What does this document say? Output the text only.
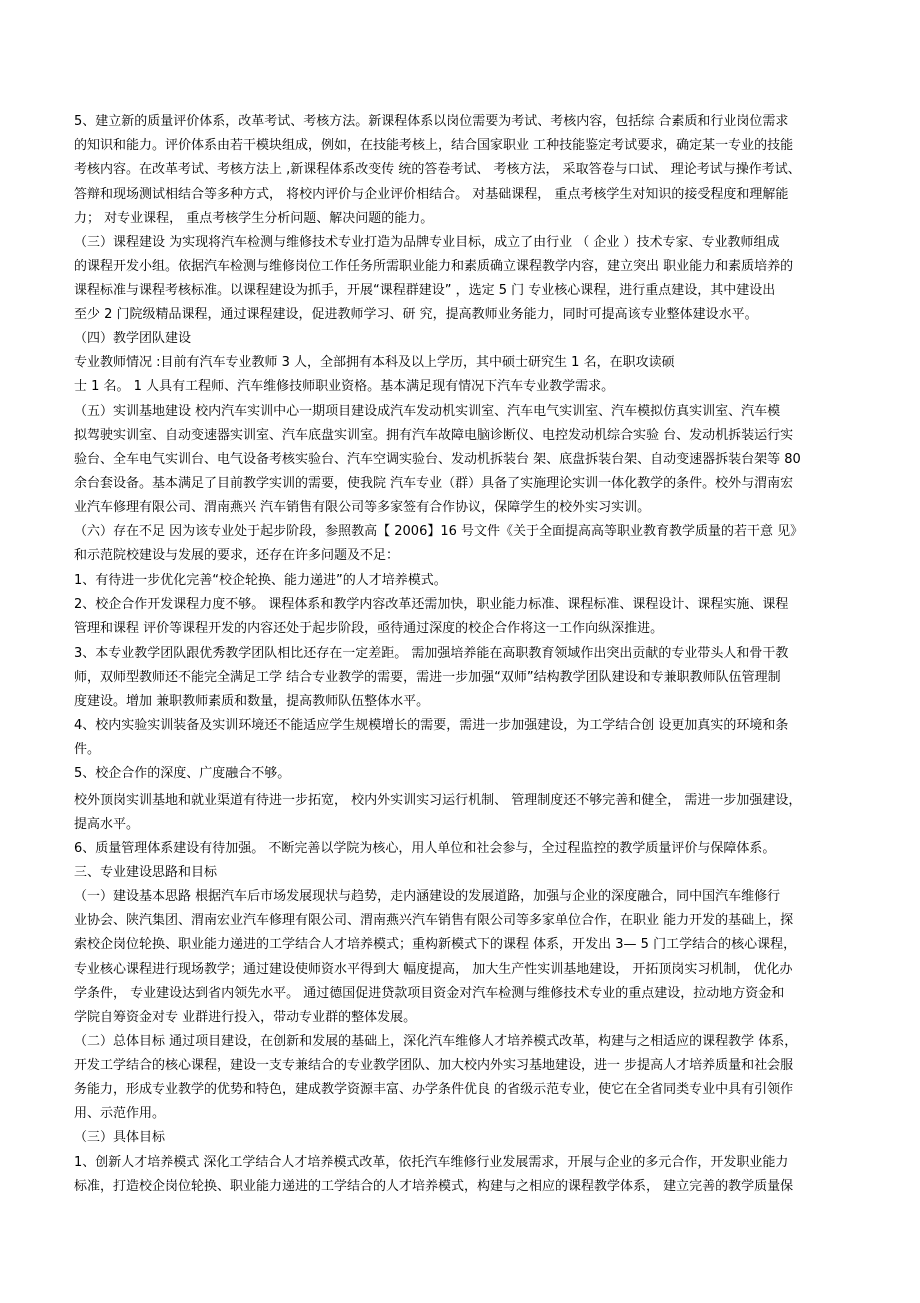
5、建立新的质量评价体系，改革考试、考核方法。新课程体系以岗位需要为考试、考核内容，包括综 合素质和行业岗位需求

的知识和能力。评价体系由若干模块组成，例如，在技能考核上，结合国家职业 工种技能鉴定考试要求，确定某一专业的技能

考核内容。在改革考试、考核方法上 ,新课程体系改变传 统的答卷考试、 考核方法， 采取答卷与口试、 理论考试与操作考试、

答辩和现场测试相结合等多种方式， 将校内评价与企业评价相结合。 对基础课程， 重点考核学生对知识的接受程度和理解能

力； 对专业课程， 重点考核学生分析问题、解决问题的能力。

（三）课程建设 为实现将汽车检测与维修技术专业打造为品牌专业目标，成立了由行业 （ 企业 ）技术专家、专业教师组成

的课程开发小组。依据汽车检测与维修岗位工作任务所需职业能力和素质确立课程教学内容，建立突出 职业能力和素质培养的

课程标准与课程考核标准。以课程建设为抓手，开展“课程群建设” ，选定 5 门 专业核心课程，进行重点建设，其中建设出

至少 2 门院级精品课程，通过课程建设，促进教师学习、研 究，提高教师业务能力，同时可提高该专业整体建设水平。

（四）教学团队建设

专业教师情况 :目前有汽车专业教师 3 人，全部拥有本科及以上学历，其中硕士研究生 1 名，在职攻读硕

士 1 名。 1 人具有工程师、汽车维修技师职业资格。基本满足现有情况下汽车专业教学需求。

（五）实训基地建设 校内汽车实训中心一期项目建设成汽车发动机实训室、汽车电气实训室、汽车模拟仿真实训室、汽车模

拟驾驶实训室、自动变速器实训室、汽车底盘实训室。拥有汽车故障电脑诊断仪、电控发动机综合实验 台、发动机拆装运行实

验台、全车电气实训台、电气设备考核实验台、汽车空调实验台、发动机拆装台 架、底盘拆装台架、自动变速器拆装台架等 80

余台套设备。基本满足了目前教学实训的需要，使我院 汽车专业（群）具备了实施理论实训一体化教学的条件。校外与渭南宏

业汽车修理有限公司、渭南燕兴 汽车销售有限公司等多家签有合作协议，保障学生的校外实习实训。

（六）存在不足 因为该专业处于起步阶段，参照教高【 2006】16 号文件《关于全面提高高等职业教育教学质量的若干意 见》

和示范院校建设与发展的要求，还存在许多问题及不足：

1、有待进一步优化完善“校企轮换、能力递进”的人才培养模式。

2、校企合作开发课程力度不够。 课程体系和教学内容改革还需加快，职业能力标准、课程标准、课程设计、课程实施、课程

管理和课程 评价等课程开发的内容还处于起步阶段，亟待通过深度的校企合作将这一工作向纵深推进。

3、本专业教学团队跟优秀教学团队相比还存在一定差距。 需加强培养能在高职教育领域作出突出贡献的专业带头人和骨干教

师，双师型教师还不能完全满足工学 结合专业教学的需要，需进一步加强“双师”结构教学团队建设和专兼职教师队伍管理制

度建设。增加 兼职教师素质和数量，提高教师队伍整体水平。

4、校内实验实训装备及实训环境还不能适应学生规模增长的需要，需进一步加强建设，为工学结合创 设更加真实的环境和条

件。

5、校企合作的深度、广度融合不够。

校外顶岗实训基地和就业渠道有待进一步拓宽， 校内外实训实习运行机制、 管理制度还不够完善和健全， 需进一步加强建设，

提高水平。

6、质量管理体系建设有待加强。 不断完善以学院为核心，用人单位和社会参与，全过程监控的教学质量评价与保障体系。

三、专业建设思路和目标

（一）建设基本思路 根据汽车后市场发展现状与趋势，走内涵建设的发展道路，加强与企业的深度融合，同中国汽车维修行

业协会、陕汽集团、渭南宏业汽车修理有限公司、渭南燕兴汽车销售有限公司等多家单位合作，在职业 能力开发的基础上，探

索校企岗位轮换、职业能力递进的工学结合人才培养模式；重构新模式下的课程 体系，开发出 3— 5 门工学结合的核心课程，

专业核心课程进行现场教学；通过建设使师资水平得到大 幅度提高， 加大生产性实训基地建设， 开拓顶岗实习机制， 优化办

学条件， 专业建设达到省内领先水平。 通过德国促进贷款项目资金对汽车检测与维修技术专业的重点建设，拉动地方资金和

学院自筹资金对专 业群进行投入，带动专业群的整体发展。

（二）总体目标 通过项目建设，在创新和发展的基础上，深化汽车维修人才培养模式改革，构建与之相适应的课程教学 体系，

开发工学结合的核心课程，建设一支专兼结合的专业教学团队、加大校内外实习基地建设，进一 步提高人才培养质量和社会服

务能力，形成专业教学的优势和特色，建成教学资源丰富、办学条件优良 的省级示范专业，使它在全省同类专业中具有引领作

用、示范作用。

（三）具体目标

1、创新人才培养模式 深化工学结合人才培养模式改革，依托汽车维修行业发展需求，开展与企业的多元合作，开发职业能力

标准，打造校企岗位轮换、职业能力递进的工学结合的人才培养模式，构建与之相应的课程教学体系， 建立完善的教学质量保
